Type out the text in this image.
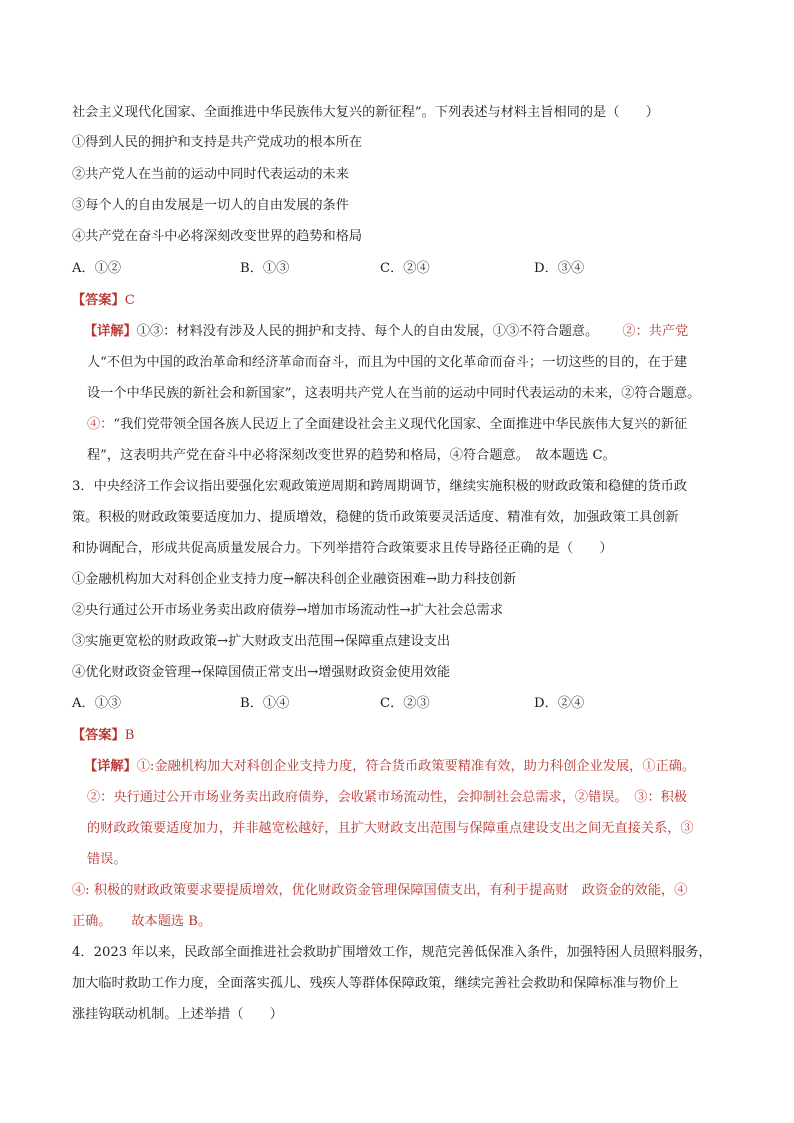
社会主义现代化国家、全面推进中华民族伟大复兴的新征程”。下列表述与材料主旨相同的是（　　）
①得到人民的拥护和支持是共产党成功的根本所在
②共产党人在当前的运动中同时代表运动的未来
③每个人的自由发展是一切人的自由发展的条件
④共产党在奋斗中必将深刻改变世界的趋势和格局
A．①②	B．①③	C．②④	D．③④
【答案】C
【详解】①③：材料没有涉及人民的拥护和支持、每个人的自由发展，①③不符合题意。 ②：共产党
人“不但为中国的政治革命和经济革命而奋斗，而且为中国的文化革命而奋斗；一切这些的目的，在于建
设一个中华民族的新社会和新国家”，这表明共产党人在当前的运动中同时代表运动的未来，②符合题意。
④：“我们党带领全国各族人民迈上了全面建设社会主义现代化国家、全面推进中华民族伟大复兴的新征
程”，这表明共产党在奋斗中必将深刻改变世界的趋势和格局，④符合题意。　故本题选 C。
3．中央经济工作会议指出要强化宏观政策逆周期和跨周期调节，继续实施积极的财政政策和稳健的货币政
策。积极的财政政策要适度加力、提质增效，稳健的货币政策要灵活适度、精准有效，加强政策工具创新
和协调配合，形成共促高质量发展合力。下列举措符合政策要求且传导路径正确的是（　　）
①金融机构加大对科创企业支持力度→解决科创企业融资困难→助力科技创新
②央行通过公开市场业务卖出政府债券→增加市场流动性→扩大社会总需求
③实施更宽松的财政政策→扩大财政支出范围→保障重点建设支出
④优化财政资金管理→保障国债正常支出→增强财政资金使用效能
A．①③	B．①④	C．②③	D．②④
【答案】B
【详解】①:金融机构加大对科创企业支持力度，符合货币政策要精准有效，助力科创企业发展，①正确。
②：央行通过公开市场业务卖出政府债券，会收紧市场流动性，会抑制社会总需求，②错误。　③：积极
的财政政策要适度加力，并非越宽松越好，且扩大财政支出范围与保障重点建设支出之间无直接关系，③
错误。
④: 积极的财政政策要求要提质增效，优化财政资金管理保障国债支出，有利于提高财　政资金的效能，④
正确。　　故本题选 B。
4．2023 年以来，民政部全面推进社会救助扩围增效工作，规范完善低保准入条件，加强特困人员照料服务，
加大临时救助工作力度，全面落实孤儿、残疾人等群体保障政策，继续完善社会救助和保障标准与物价上
涨挂钩联动机制。上述举措（　　）
